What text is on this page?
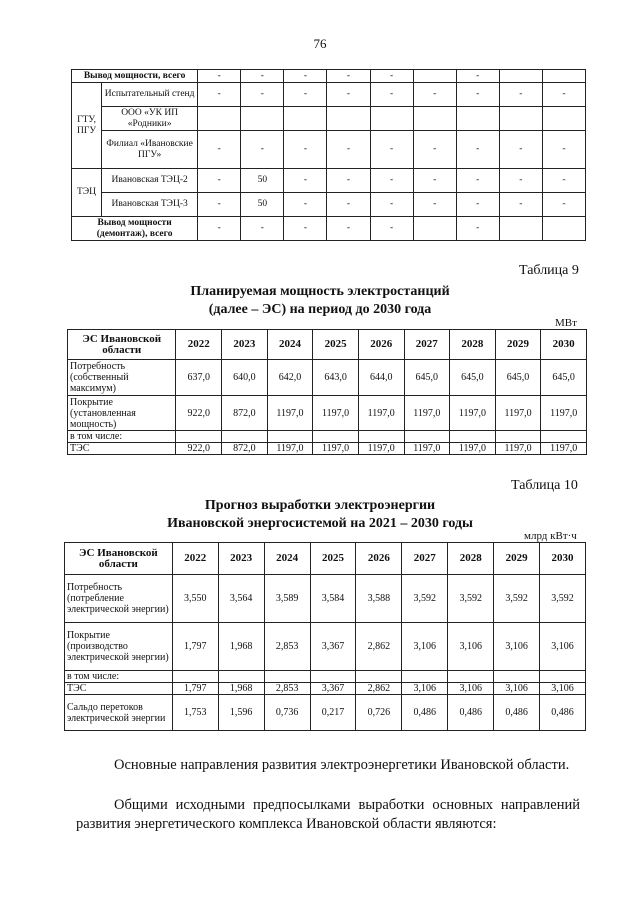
76
Вывод мощности, всего		-	-	-	-	-		-		
ГТУ, ПГУ	Испытательный стенд	-	-	-	-	-	-	-	-	-
	ООО «УК ИП «Родники»									
	Филиал «Ивановские ПГУ»	-	-	-	-	-	-	-	-	-
ТЭЦ	Ивановская ТЭЦ-2	-	50	-	-	-	-	-	-	-
	Ивановская ТЭЦ-3	-	50	-	-	-	-	-	-	-
Вывод мощности (демонтаж), всего		-	-	-	-	-		-		
Таблица 9
Планируемая мощность электростанций
(далее – ЭС) на период до 2030 года
МВт
ЭС Ивановской области	2022	2023	2024	2025	2026	2027	2028	2029	2030
Потребность (собственный максимум)	637,0	640,0	642,0	643,0	644,0	645,0	645,0	645,0	645,0
Покрытие (установленная мощность)	922,0	872,0	1197,0	1197,0	1197,0	1197,0	1197,0	1197,0	1197,0
в том числе:									
ТЭС	922,0	872,0	1197,0	1197,0	1197,0	1197,0	1197,0	1197,0	1197,0
Таблица 10
Прогноз выработки электроэнергии
Ивановской энергосистемой на 2021 – 2030 годы
млрд кВт·ч
ЭС Ивановской области	2022	2023	2024	2025	2026	2027	2028	2029	2030
Потребность (потребление электрической энергии)	3,550	3,564	3,589	3,584	3,588	3,592	3,592	3,592	3,592
Покрытие (производство электрической энергии)	1,797	1,968	2,853	3,367	2,862	3,106	3,106	3,106	3,106
в том числе:									
ТЭС	1,797	1,968	2,853	3,367	2,862	3,106	3,106	3,106	3,106
Сальдо перетоков электрической энергии	1,753	1,596	0,736	0,217	0,726	0,486	0,486	0,486	0,486
Основные направления развития электроэнергетики Ивановской области.
Общими исходными предпосылками выработки основных направлений развития энергетического комплекса Ивановской области являются:
